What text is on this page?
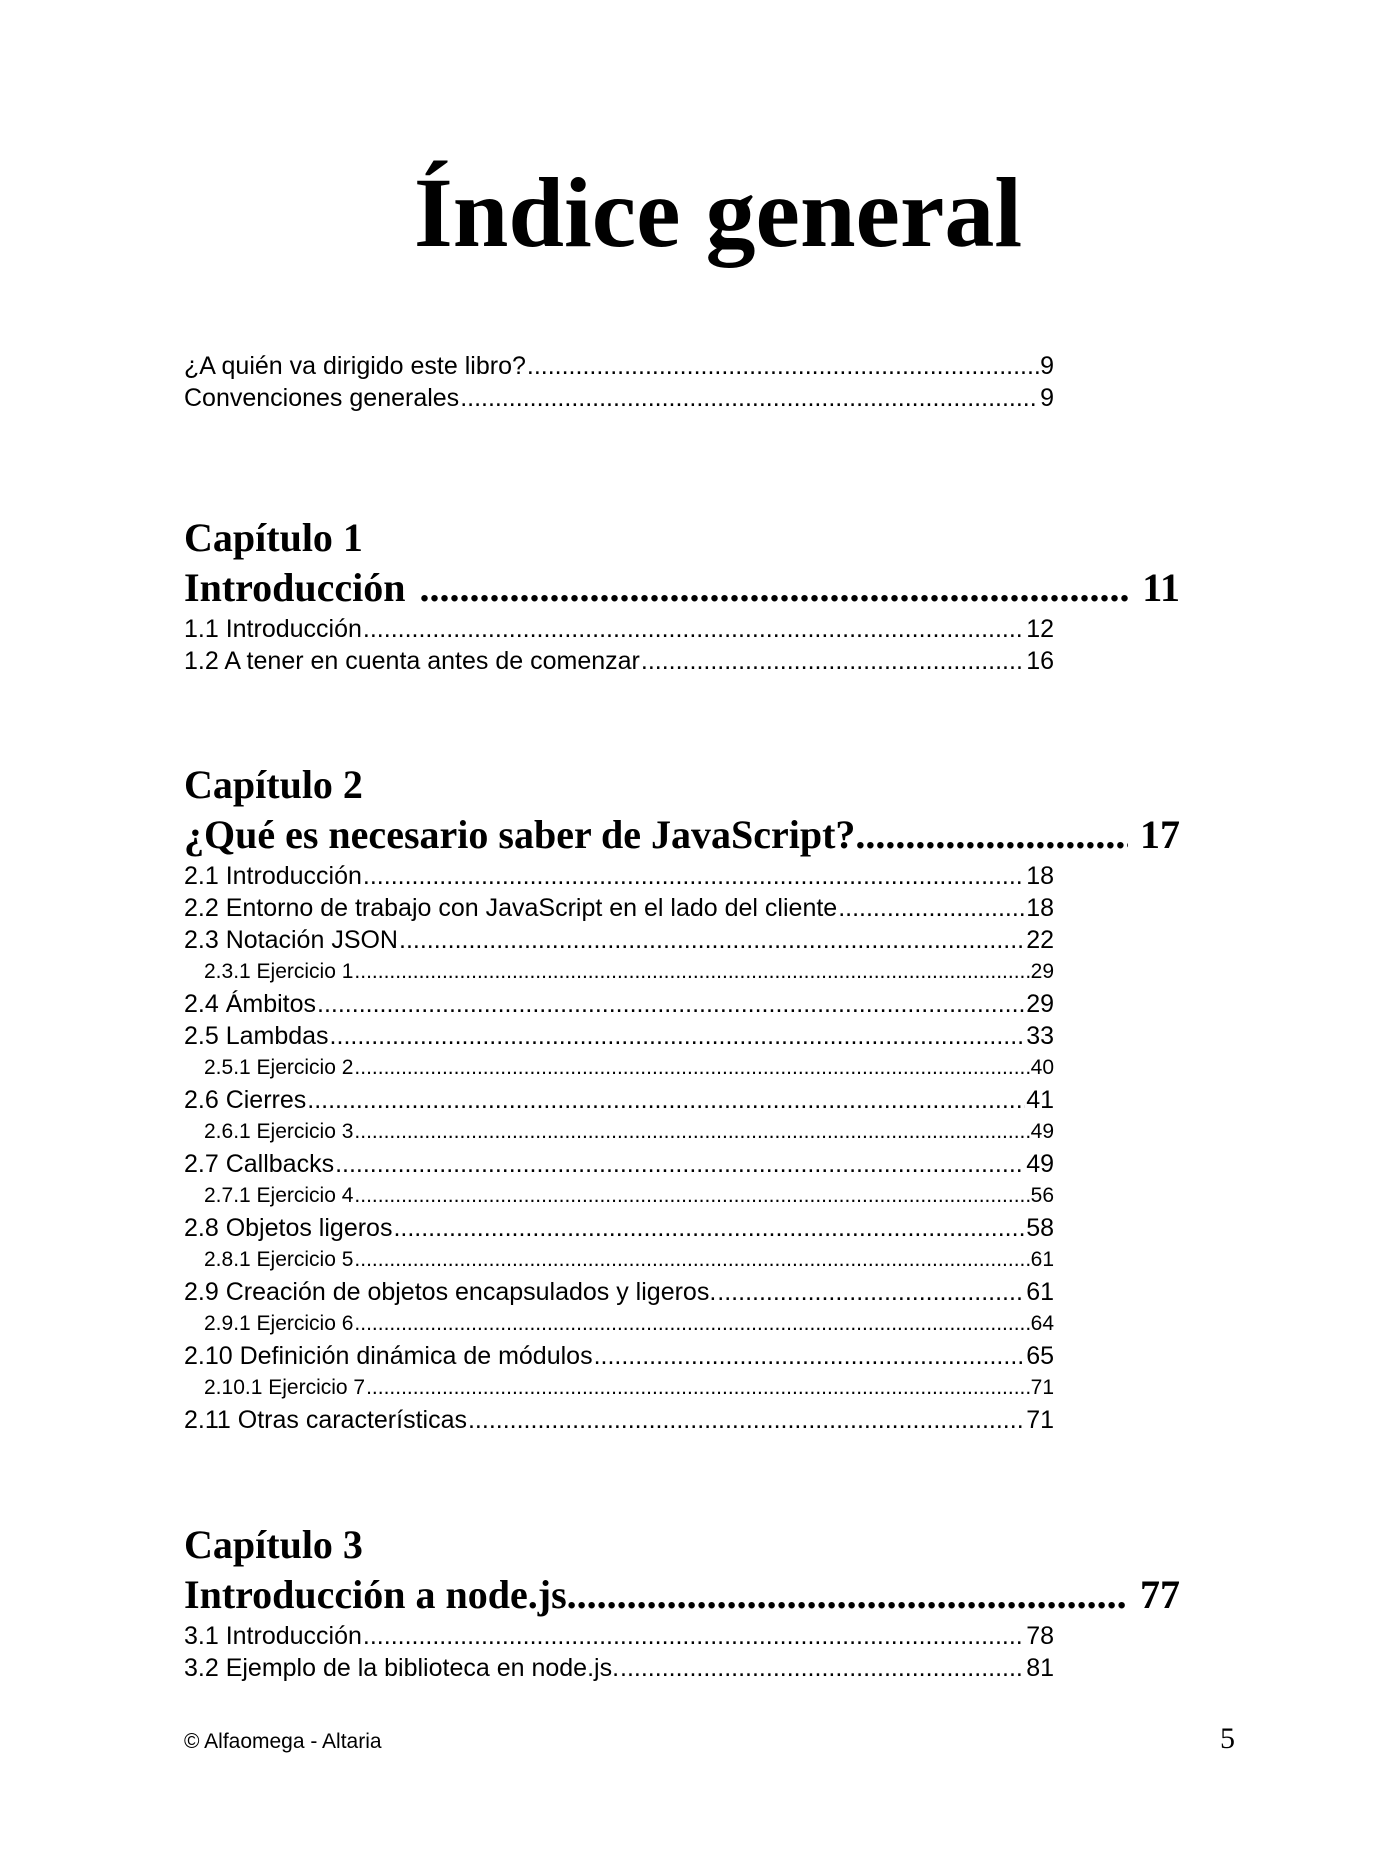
Índice general
¿A quién va dirigido este libro? .....	9
Convenciones generales .....	9
Capítulo 1
Introducción .....	11
1.1 Introducción .....	12
1.2 A tener en cuenta antes de comenzar .....	16
Capítulo 2
¿Qué es necesario saber de JavaScript? .....	17
2.1 Introducción .....	18
2.2 Entorno de trabajo con JavaScript en el lado del cliente .....	18
2.3 Notación JSON .....	22
2.3.1 Ejercicio 1 .....	29
2.4 Ámbitos .....	29
2.5 Lambdas .....	33
2.5.1 Ejercicio 2 .....	40
2.6 Cierres .....	41
2.6.1 Ejercicio 3 .....	49
2.7 Callbacks .....	49
2.7.1 Ejercicio 4 .....	56
2.8 Objetos ligeros .....	58
2.8.1 Ejercicio 5 .....	61
2.9 Creación de objetos encapsulados y ligeros. .....	61
2.9.1 Ejercicio 6 .....	64
2.10 Definición dinámica de módulos .....	65
2.10.1 Ejercicio 7 .....	71
2.11 Otras características .....	71
Capítulo 3
Introducción a node.js .....	77
3.1 Introducción .....	78
3.2 Ejemplo de la biblioteca en node.js. .....	81
© Alfaomega - Altaria	5
